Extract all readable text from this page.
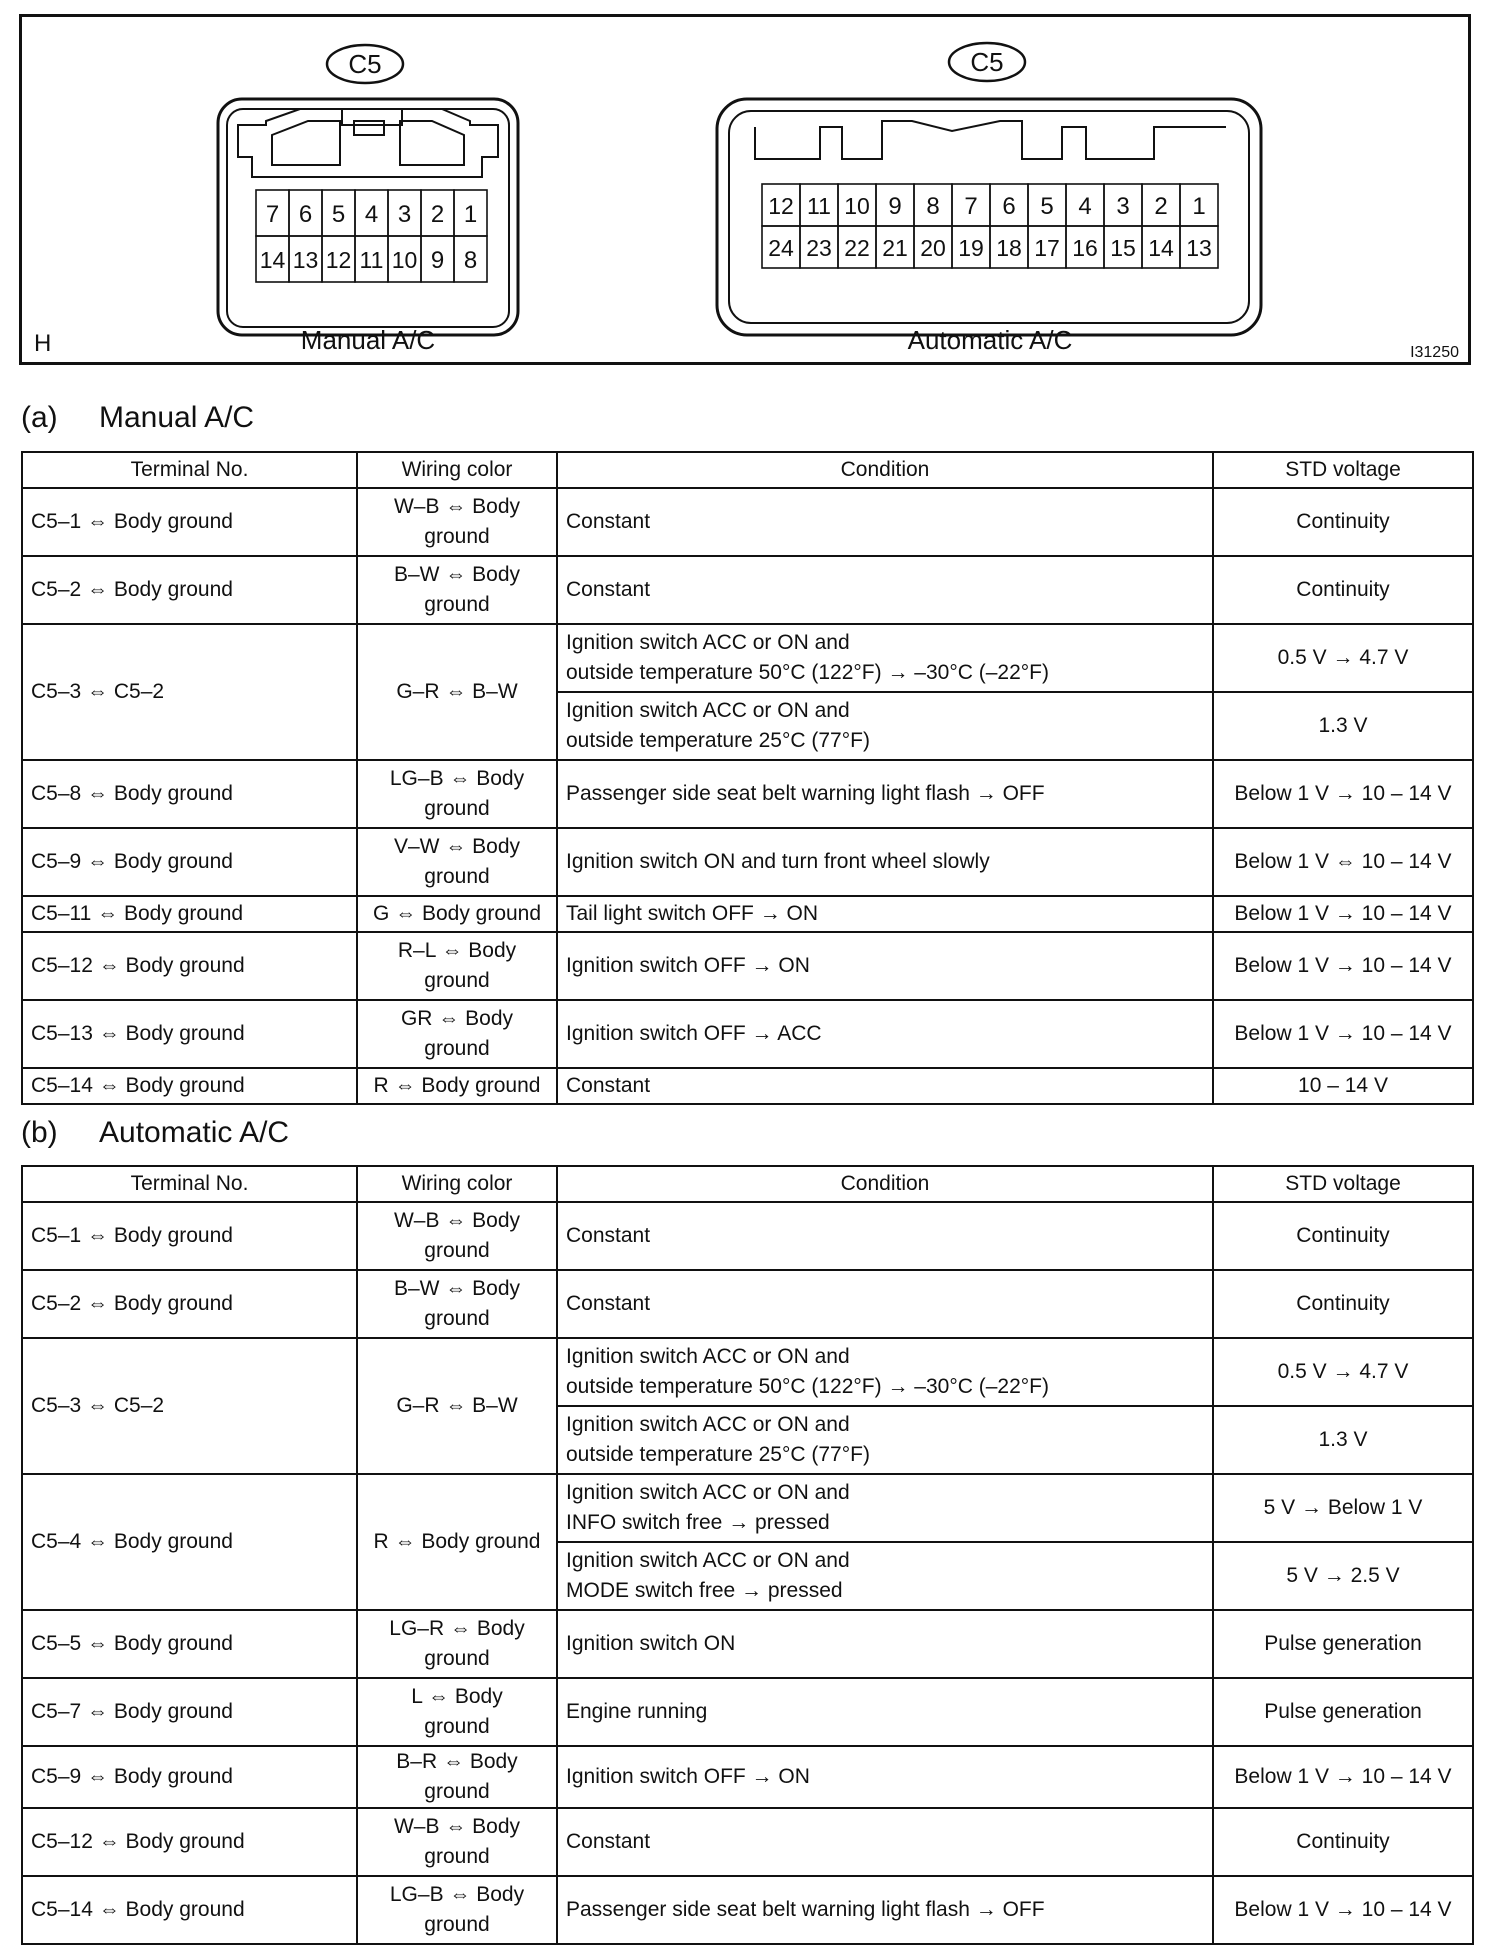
C5
7 6 5 4 3 2 1
14 13 12 11 10 9 8
Manual A/C
C5
12 11 10 9 8 7 6 5 4 3 2 1
24 23 22 21 20 19 18 17 16 15 14 13
Automatic A/C
H	I31250
(a) Manual A/C
Terminal No.	Wiring color	Condition	STD voltage
C5–1 ⇔ Body ground	W–B ⇔ Body
ground	Constant	Continuity
C5–2 ⇔ Body ground	B–W ⇔ Body
ground	Constant	Continuity
C5–3 ⇔ C5–2	G–R ⇔ B–W	Ignition switch ACC or ON and
outside temperature 50°C (122°F) → –30°C (–22°F)	0.5 V → 4.7 V
		Ignition switch ACC or ON and
outside temperature 25°C (77°F)	1.3 V
C5–8 ⇔ Body ground	LG–B ⇔ Body
ground	Passenger side seat belt warning light flash → OFF	Below 1 V → 10 – 14 V
C5–9 ⇔ Body ground	V–W ⇔ Body
ground	Ignition switch ON and turn front wheel slowly	Below 1 V ⇔ 10 – 14 V
C5–11 ⇔ Body ground	G ⇔ Body ground	Tail light switch OFF → ON	Below 1 V → 10 – 14 V
C5–12 ⇔ Body ground	R–L ⇔ Body
ground	Ignition switch OFF → ON	Below 1 V → 10 – 14 V
C5–13 ⇔ Body ground	GR ⇔ Body
ground	Ignition switch OFF → ACC	Below 1 V → 10 – 14 V
C5–14 ⇔ Body ground	R ⇔ Body ground	Constant	10 – 14 V
(b) Automatic A/C
Terminal No.	Wiring color	Condition	STD voltage
C5–1 ⇔ Body ground	W–B ⇔ Body
ground	Constant	Continuity
C5–2 ⇔ Body ground	B–W ⇔ Body
ground	Constant	Continuity
C5–3 ⇔ C5–2	G–R ⇔ B–W	Ignition switch ACC or ON and
outside temperature 50°C (122°F) → –30°C (–22°F)	0.5 V → 4.7 V
		Ignition switch ACC or ON and
outside temperature 25°C (77°F)	1.3 V
C5–4 ⇔ Body ground	R ⇔ Body ground	Ignition switch ACC or ON and
INFO switch free → pressed	5 V → Below 1 V
		Ignition switch ACC or ON and
MODE switch free → pressed	5 V → 2.5 V
C5–5 ⇔ Body ground	LG–R ⇔ Body
ground	Ignition switch ON	Pulse generation
C5–7 ⇔ Body ground	L ⇔ Body
ground	Engine running	Pulse generation
C5–9 ⇔ Body ground	B–R ⇔ Body ground	Ignition switch OFF → ON	Below 1 V → 10 – 14 V
C5–12 ⇔ Body ground	W–B ⇔ Body
ground	Constant	Continuity
C5–14 ⇔ Body ground	LG–B ⇔ Body
ground	Passenger side seat belt warning light flash → OFF	Below 1 V → 10 – 14 V
